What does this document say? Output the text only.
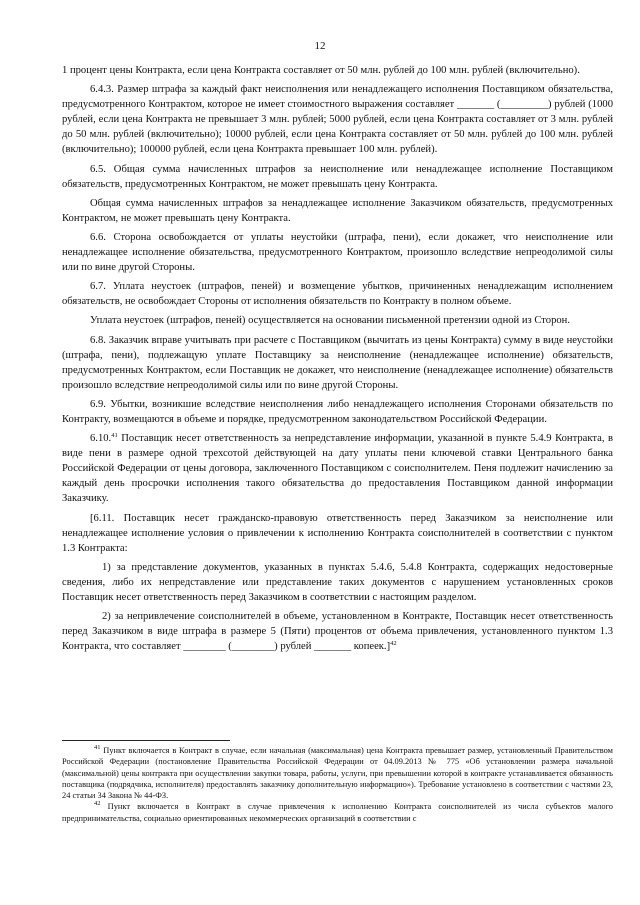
12

1 процент цены Контракта, если цена Контракта составляет от 50 млн. рублей до 100 млн. рублей (включительно).

6.4.3. Размер штрафа за каждый факт неисполнения или ненадлежащего исполнения Поставщиком обязательства, предусмотренного Контрактом, которое не имеет стоимостного выражения составляет _______ (_________) рублей (1000 рублей, если цена Контракта не превышает 3 млн. рублей; 5000 рублей, если цена Контракта составляет от 3 млн. рублей до 50 млн. рублей (включительно); 10000 рублей, если цена Контракта составляет от 50 млн. рублей до 100 млн. рублей (включительно); 100000 рублей, если цена Контракта превышает 100 млн. рублей).

6.5. Общая сумма начисленных штрафов за неисполнение или ненадлежащее исполнение Поставщиком обязательств, предусмотренных Контрактом, не может превышать цену Контракта.

Общая сумма начисленных штрафов за ненадлежащее исполнение Заказчиком обязательств, предусмотренных Контрактом, не может превышать цену Контракта.

6.6. Сторона освобождается от уплаты неустойки (штрафа, пени), если докажет, что неисполнение или ненадлежащее исполнение обязательства, предусмотренного Контрактом, произошло вследствие непреодолимой силы или по вине другой Стороны.

6.7. Уплата неустоек (штрафов, пеней) и возмещение убытков, причиненных ненадлежащим исполнением обязательств, не освобождает Стороны от исполнения обязательств по Контракту в полном объеме.

Уплата неустоек (штрафов, пеней) осуществляется на основании письменной претензии одной из Сторон.

6.8. Заказчик вправе учитывать при расчете с Поставщиком (вычитать из цены Контракта) сумму в виде неустойки (штрафа, пени), подлежащую уплате Поставщику за неисполнение (ненадлежащее исполнение) обязательств, предусмотренных Контрактом, если Поставщик не докажет, что неисполнение (ненадлежащее исполнение) обязательств произошло вследствие непреодолимой силы или по вине другой Стороны.

6.9. Убытки, возникшие вследствие неисполнения либо ненадлежащего исполнения Сторонами обязательств по Контракту, возмещаются в объеме и порядке, предусмотренном законодательством Российской Федерации.

6.10.41 Поставщик несет ответственность за непредставление информации, указанной в пункте 5.4.9 Контракта, в виде пени в размере одной трехсотой действующей на дату уплаты пени ключевой ставки Центрального банка Российской Федерации от цены договора, заключенного Поставщиком с соисполнителем. Пеня подлежит начислению за каждый день просрочки исполнения такого обязательства до предоставления Поставщиком данной информации Заказчику.

[6.11. Поставщик несет гражданско-правовую ответственность перед Заказчиком за неисполнение или ненадлежащее исполнение условия о привлечении к исполнению Контракта соисполнителей в соответствии с пунктом 1.3 Контракта:

1) за представление документов, указанных в пунктах 5.4.6, 5.4.8 Контракта, содержащих недостоверные сведения, либо их непредставление или представление таких документов с нарушением установленных сроков Поставщик несет ответственность перед Заказчиком в соответствии с настоящим разделом.

2) за непривлечение соисполнителей в объеме, установленном в Контракте, Поставщик несет ответственность перед Заказчиком в виде штрафа в размере 5 (Пяти) процентов от объема привлечения, установленного пунктом 1.3 Контракта, что составляет ________ (________) рублей _______ копеек.]$^{42}$

$^{41}$ Пункт включается в Контракт в случае, если начальная (максимальная) цена Контракта превышает размер, установленный Правительством Российской Федерации (постановление Правительства Российской Федерации от 04.09.2013 № 775 «Об установлении размера начальной (максимальной) цены контракта при осуществлении закупки товара, работы, услуги, при превышении которой в контракте устанавливается обязанность поставщика (подрядчика, исполнителя) предоставлять заказчику дополнительную информацию»). Требование установлено в соответствии с частями 23, 24 статьи 34 Закона № 44-ФЗ.

$^{42}$ Пункт включается в Контракт в случае привлечения к исполнению Контракта соисполнителей из числа субъектов малого предпринимательства, социально ориентированных некоммерческих организаций в соответствии с
